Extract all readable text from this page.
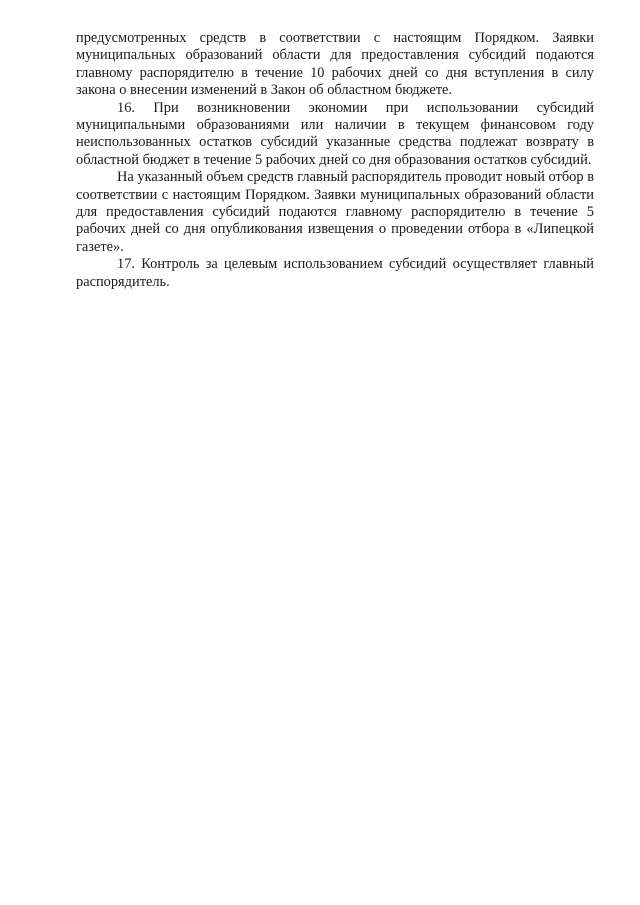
предусмотренных средств в соответствии с настоящим Порядком. Заявки муниципальных образований области для предоставления субсидий подаются главному распорядителю в течение 10 рабочих дней со дня вступления в силу закона о внесении изменений в Закон об областном бюджете.

16. При возникновении экономии при использовании субсидий муниципальными образованиями или наличии в текущем финансовом году неиспользованных остатков субсидий указанные средства подлежат возврату в областной бюджет в течение 5 рабочих дней со дня образования остатков субсидий.

На указанный объем средств главный распорядитель проводит новый отбор в соответствии с настоящим Порядком. Заявки муниципальных образований области для предоставления субсидий подаются главному распорядителю в течение 5 рабочих дней со дня опубликования извещения о проведении отбора в «Липецкой газете».

17. Контроль за целевым использованием субсидий осуществляет главный распорядитель.
